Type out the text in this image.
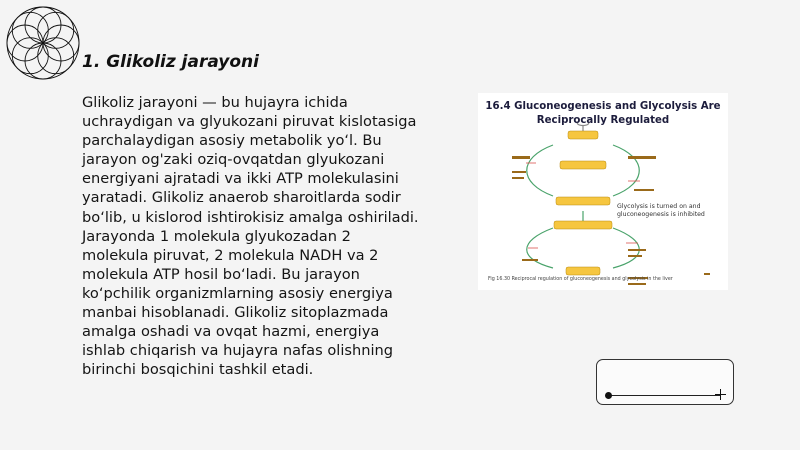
1. Glikoliz jarayoni

Glikoliz jarayoni — bu hujayra ichida uchraydigan va glyukozani piruvat kislotasiga parchalaydigan asosiy metabolik yo‘l. Bu jarayon og'zaki oziq-ovqatdan glyukozani energiyani ajratadi va ikki ATP molekulasini yaratadi. Glikoliz anaerob sharoitlarda sodir bo‘lib, u kislorod ishtirokisiz amalga oshiriladi. Jarayonda 1 molekula glyukozadan 2 molekula piruvat, 2 molekula NADH va 2 molekula ATP hosil bo‘ladi. Bu jarayon ko‘pchilik organizmlarning asosiy energiya manbai hisoblanadi. Glikoliz sitoplazmada amalga oshadi va ovqat hazmi, energiya ishlab chiqarish va hujayra nafas olishning birinchi bosqichini tashkil etadi.

16.4 Gluconeogenesis and Glycolysis Are
Reciprocally Regulated
Glycolysis is turned on and gluconeogenesis is inhibited
Fig 16.30 Reciprocal regulation of gluconeogenesis and glycolysis in the liver
